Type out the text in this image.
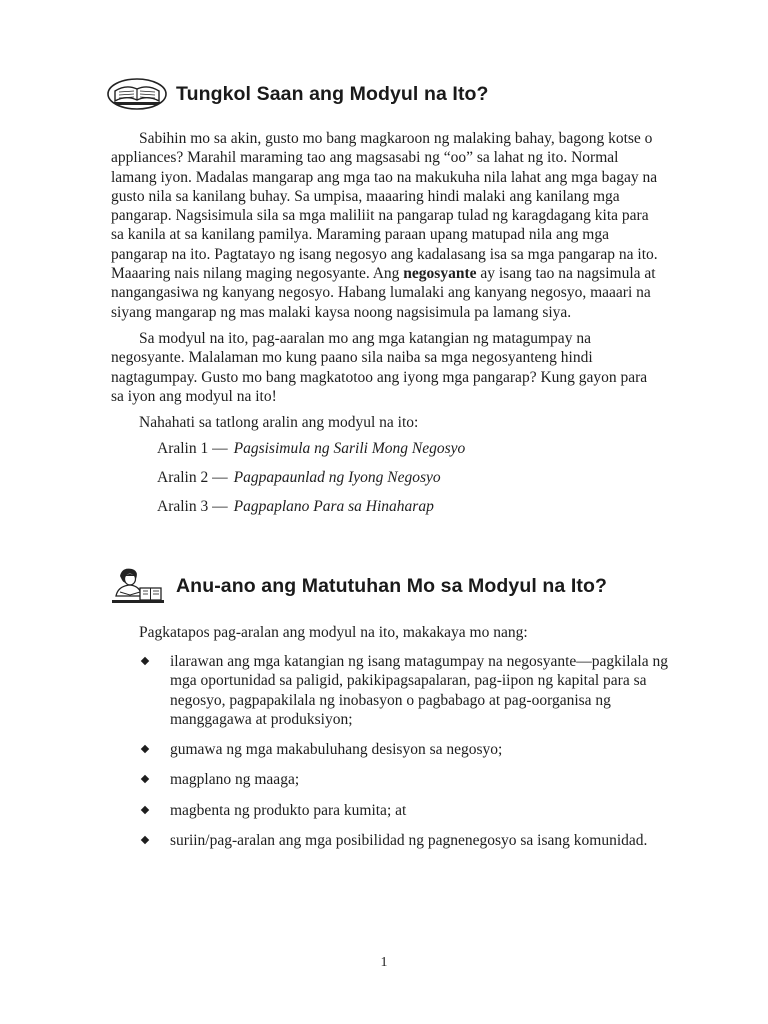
Tungkol Saan ang Modyul na Ito?

Sabihin mo sa akin, gusto mo bang magkaroon ng malaking bahay, bagong kotse o appliances? Marahil maraming tao ang magsasabi ng “oo” sa lahat ng ito. Normal lamang iyon. Madalas mangarap ang mga tao na makukuha nila lahat ang mga bagay na gusto nila sa kanilang buhay. Sa umpisa, maaaring hindi malaki ang kanilang mga pangarap. Nagsisimula sila sa mga maliliit na pangarap tulad ng karagdagang kita para sa kanila at sa kanilang pamilya. Maraming paraan upang matupad nila ang mga pangarap na ito. Pagtatayo ng isang negosyo ang kadalasang isa sa mga pangarap na ito. Maaaring nais nilang maging negosyante. Ang negosyante ay isang tao na nagsimula at nangangasiwa ng kanyang negosyo. Habang lumalaki ang kanyang negosyo, maaari na siyang mangarap ng mas malaki kaysa noong nagsisimula pa lamang siya.

Sa modyul na ito, pag-aaralan mo ang mga katangian ng matagumpay na negosyante. Malalaman mo kung paano sila naiba sa mga negosyanteng hindi nagtagumpay. Gusto mo bang magkatotoo ang iyong mga pangarap? Kung gayon para sa iyon ang modyul na ito!

Nahahati sa tatlong aralin ang modyul na ito:

Aralin 1 — Pagsisimula ng Sarili Mong Negosyo
Aralin 2 — Pagpapaunlad ng Iyong Negosyo
Aralin 3 — Pagpaplano Para sa Hinaharap
Anu-ano ang Matutuhan Mo sa Modyul na Ito?

Pagkatapos pag-aralan ang modyul na ito, makakaya mo nang:

ilarawan ang mga katangian ng isang matagumpay na negosyante—pagkilala ng mga oportunidad sa paligid, pakikipagsapalaran, pag-iipon ng kapital para sa negosyo, pagpapakilala ng inobasyon o pagbabago at pag-oorganisa ng manggagawa at produksiyon;
gumawa ng mga makabuluhang desisyon sa negosyo;
magplano ng maaga;
magbenta ng produkto para kumita; at
suriin/pag-aralan ang mga posibilidad ng pagnenegosyo sa isang komunidad.
1
